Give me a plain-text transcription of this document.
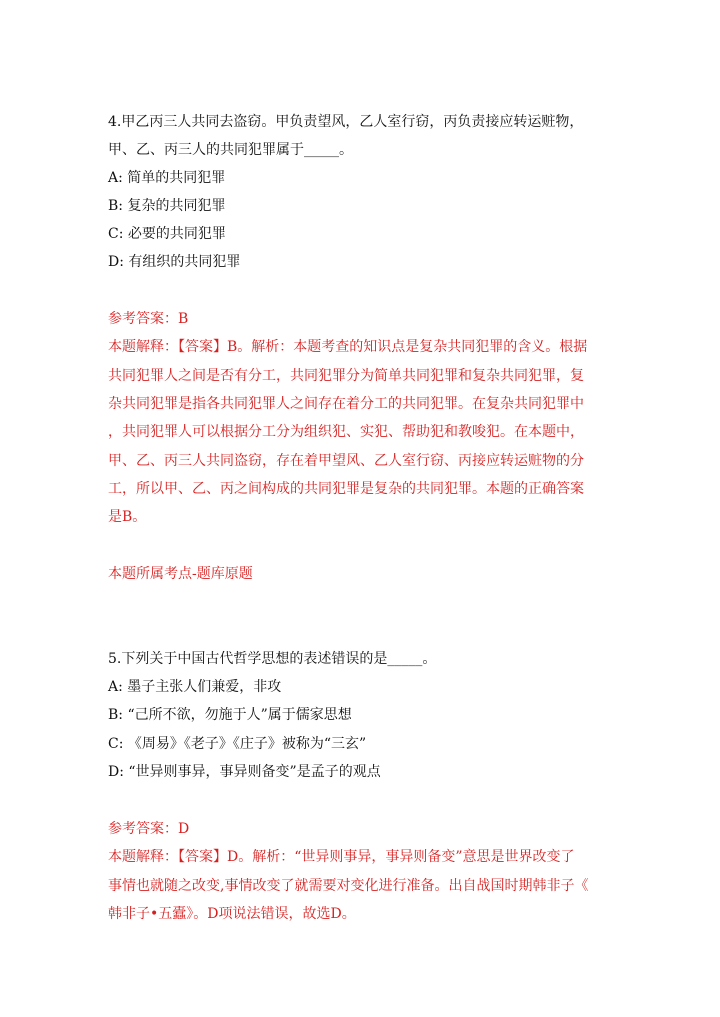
4.甲乙丙三人共同去盗窃。甲负责望风，乙人室行窃，丙负责接应转运赃物，
甲、乙、丙三人的共同犯罪属于_____。
A: 简单的共同犯罪
B: 复杂的共同犯罪
C: 必要的共同犯罪
D: 有组织的共同犯罪
参考答案：B
本题解释：【答案】B。解析：本题考查的知识点是复杂共同犯罪的含义。根据
共同犯罪人之间是否有分工，共同犯罪分为简单共同犯罪和复杂共同犯罪，复
杂共同犯罪是指各共同犯罪人之间存在着分工的共同犯罪。在复杂共同犯罪中
，共同犯罪人可以根据分工分为组织犯、实犯、帮助犯和教唆犯。在本题中，
甲、乙、丙三人共同盗窃，存在着甲望风、乙人室行窃、丙接应转运赃物的分
工，所以甲、乙、丙之间构成的共同犯罪是复杂的共同犯罪。本题的正确答案
是B。
本题所属考点-题库原题
5.下列关于中国古代哲学思想的表述错误的是_____。
A: 墨子主张人们兼爱，非攻
B: “己所不欲，勿施于人”属于儒家思想
C: 《周易》《老子》《庄子》被称为“三玄”
D: “世异则事异，事异则备变”是孟子的观点
参考答案：D
本题解释：【答案】D。解析：“世异则事异，事异则备变”意思是世界改变了
事情也就随之改变,事情改变了就需要对变化进行准备。出自战国时期韩非子《
韩非子•五蠹》。D项说法错误，故选D。
